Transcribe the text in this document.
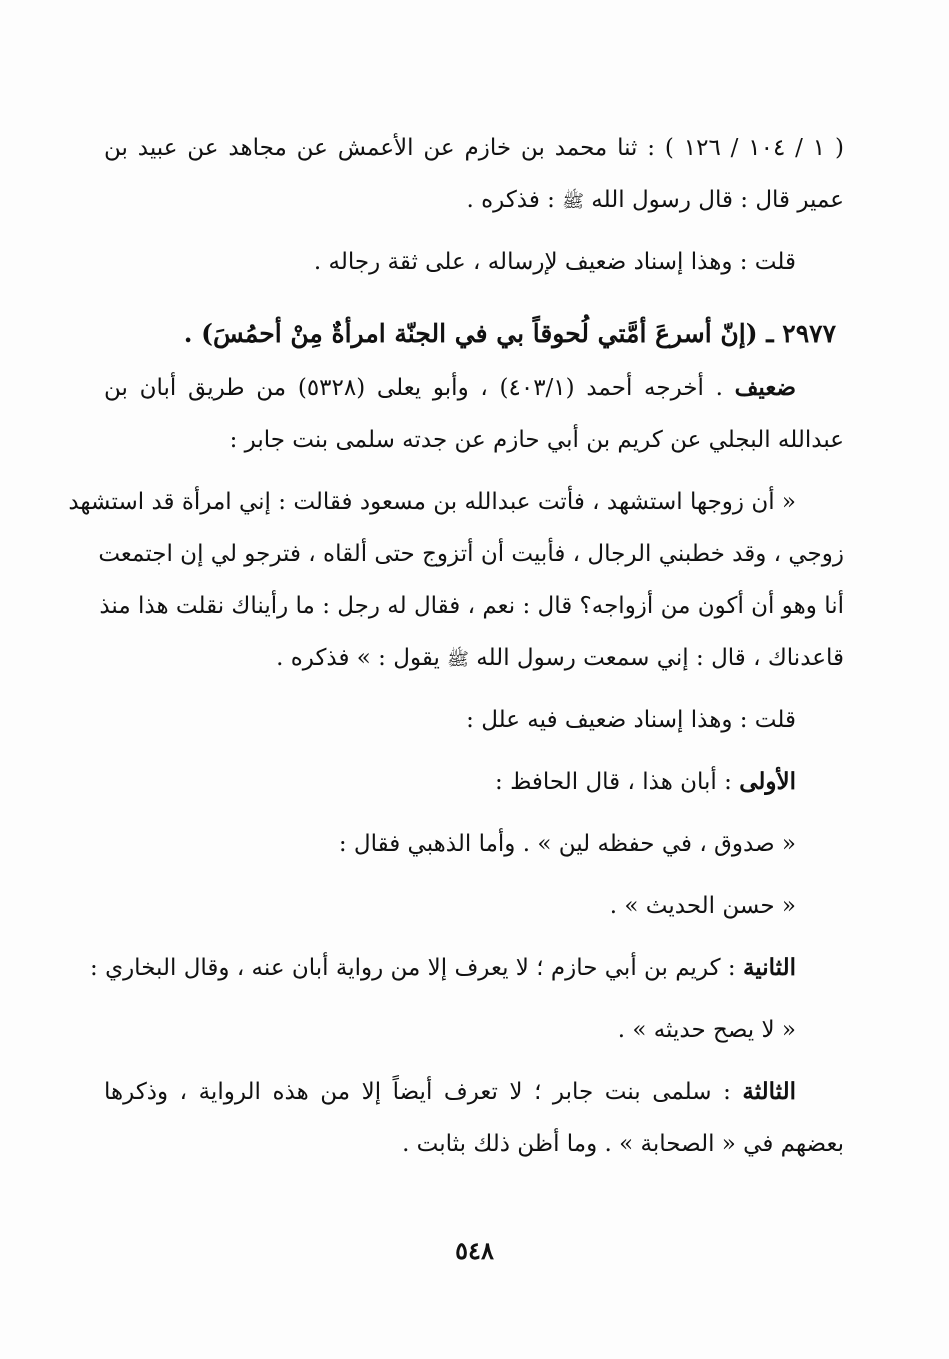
( ١ / ١٠٤ / ١٢٦ ) : ثنا محمد بن خازم عن الأعمش عن مجاهد عن عبيد بن
عمير قال : قال رسول الله ﷺ : فذكره .
قلت : وهذا إسناد ضعيف لإرساله ، على ثقة رجاله .
٢٩٧٧ ـ (إنّ أسرعَ أمَّتي لُحوقاً بي في الجنّة امرأةٌ مِنْ أحمُسَ) .
ضعيف . أخرجه أحمد (٤٠٣/١) ، وأبو يعلى (٥٣٢٨) من طريق أبان بن
عبدالله البجلي عن كريم بن أبي حازم عن جدته سلمى بنت جابر :
« أن زوجها استشهد ، فأتت عبدالله بن مسعود فقالت : إني امرأة قد استشهد
زوجي ، وقد خطبني الرجال ، فأبيت أن أتزوج حتى ألقاه ، فترجو لي إن اجتمعت
أنا وهو أن أكون من أزواجه؟ قال : نعم ، فقال له رجل : ما رأيناك نقلت هذا منذ
قاعدناك ، قال : إني سمعت رسول الله ﷺ يقول : » فذكره .
قلت : وهذا إسناد ضعيف فيه علل :
الأولى : أبان هذا ، قال الحافظ :
« صدوق ، في حفظه لين » . وأما الذهبي فقال :
« حسن الحديث » .
الثانية : كريم بن أبي حازم ؛ لا يعرف إلا من رواية أبان عنه ، وقال البخاري :
« لا يصح حديثه » .
الثالثة : سلمى بنت جابر ؛ لا تعرف أيضاً إلا من هذه الرواية ، وذكرها
بعضهم في « الصحابة » . وما أظن ذلك بثابت .
٥٤٨
